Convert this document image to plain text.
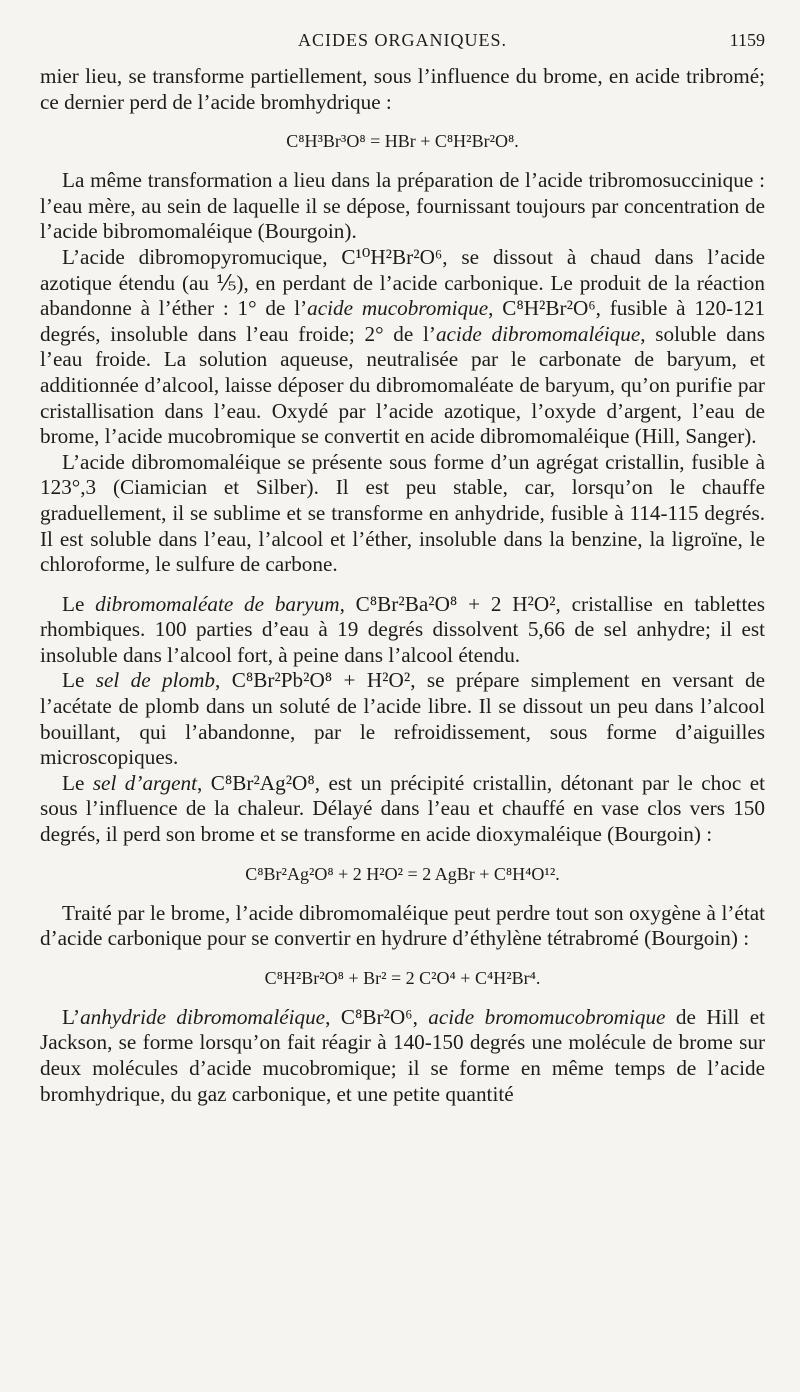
ACIDES ORGANIQUES.	1159

mier lieu, se transforme partiellement, sous l’influence du brome, en acide tribromé; ce dernier perd de l’acide bromhydrique :

C⁸H³Br³O⁸ = HBr + C⁸H²Br²O⁸.

La même transformation a lieu dans la préparation de l’acide tribromosuccinique : l’eau mère, au sein de laquelle il se dépose, fournissant toujours par concentration de l’acide bibromomaléique (Bourgoin).

L’acide dibromopyromucique, C¹⁰H²Br²O⁶, se dissout à chaud dans l’acide azotique étendu (au ⅕), en perdant de l’acide carbonique. Le produit de la réaction abandonne à l’éther : 1° de l’acide mucobromique, C⁸H²Br²O⁶, fusible à 120-121 degrés, insoluble dans l’eau froide; 2° de l’acide dibromomaléique, soluble dans l’eau froide. La solution aqueuse, neutralisée par le carbonate de baryum, et additionnée d’alcool, laisse déposer du dibromomaléate de baryum, qu’on purifie par cristallisation dans l’eau. Oxydé par l’acide azotique, l’oxyde d’argent, l’eau de brome, l’acide mucobromique se convertit en acide dibromomaléique (Hill, Sanger).

L’acide dibromomaléique se présente sous forme d’un agrégat cristallin, fusible à 123°,3 (Ciamician et Silber). Il est peu stable, car, lorsqu’on le chauffe graduellement, il se sublime et se transforme en anhydride, fusible à 114-115 degrés. Il est soluble dans l’eau, l’alcool et l’éther, insoluble dans la benzine, la ligroïne, le chloroforme, le sulfure de carbone.

Le dibromomaléate de baryum, C⁸Br²Ba²O⁸ + 2 H²O², cristallise en tablettes rhombiques. 100 parties d’eau à 19 degrés dissolvent 5,66 de sel anhydre; il est insoluble dans l’alcool fort, à peine dans l’alcool étendu.

Le sel de plomb, C⁸Br²Pb²O⁸ + H²O², se prépare simplement en versant de l’acétate de plomb dans un soluté de l’acide libre. Il se dissout un peu dans l’alcool bouillant, qui l’abandonne, par le refroidissement, sous forme d’aiguilles microscopiques.

Le sel d’argent, C⁸Br²Ag²O⁸, est un précipité cristallin, détonant par le choc et sous l’influence de la chaleur. Délayé dans l’eau et chauffé en vase clos vers 150 degrés, il perd son brome et se transforme en acide dioxymaléique (Bourgoin) :

C⁸Br²Ag²O⁸ + 2 H²O² = 2 AgBr + C⁸H⁴O¹².

Traité par le brome, l’acide dibromomaléique peut perdre tout son oxygène à l’état d’acide carbonique pour se convertir en hydrure d’éthylène tétrabromé (Bourgoin) :

C⁸H²Br²O⁸ + Br² = 2 C²O⁴ + C⁴H²Br⁴.

L’anhydride dibromomaléique, C⁸Br²O⁶, acide bromomucobromique de Hill et Jackson, se forme lorsqu’on fait réagir à 140-150 degrés une molécule de brome sur deux molécules d’acide mucobromique; il se forme en même temps de l’acide bromhydrique, du gaz carbonique, et une petite quantité
